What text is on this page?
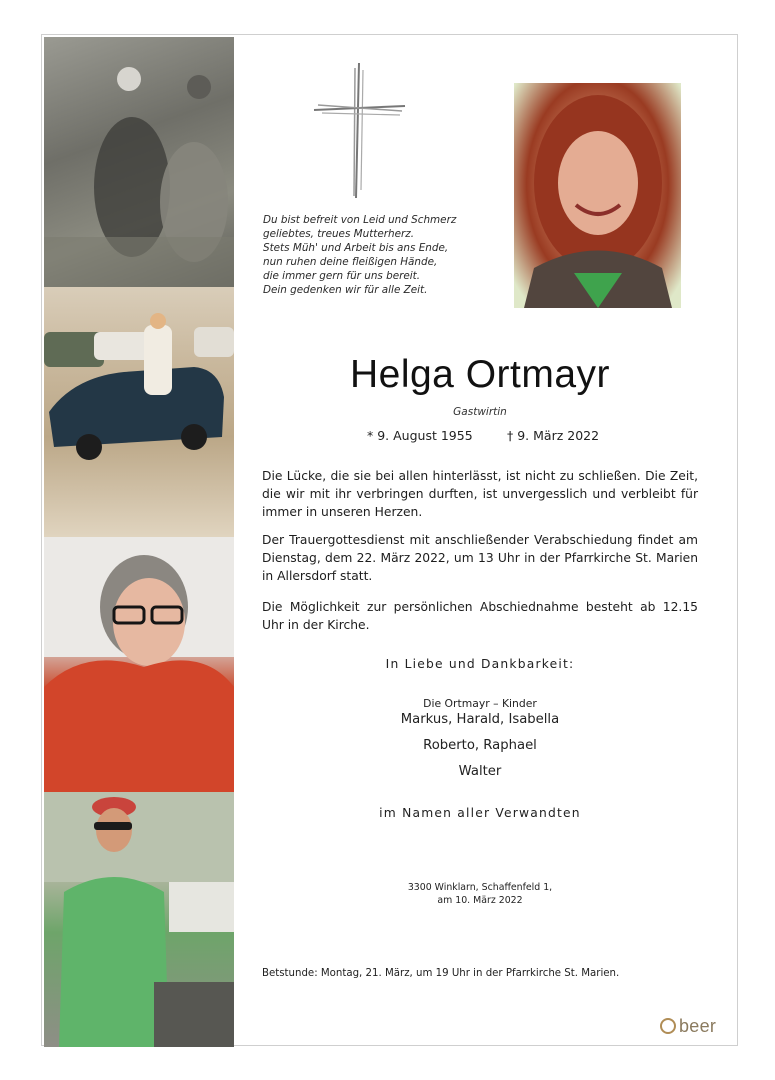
Du bist befreit von Leid und Schmerz
geliebtes, treues Mutterherz.
Stets Müh' und Arbeit bis ans Ende,
nun ruhen deine fleißigen Hände,
die immer gern für uns bereit.
Dein gedenken wir für alle Zeit.
Helga Ortmayr
Gastwirtin
* 9. August 1955	† 9. März 2022
Die Lücke, die sie bei allen hinterlässt, ist nicht zu schließen. Die Zeit, die wir mit ihr verbringen durften, ist unvergesslich und verbleibt für immer in unseren Herzen.
Der Trauergottesdienst mit anschließender Verabschiedung findet am Dienstag, dem 22. März 2022, um 13 Uhr in der Pfarrkirche St. Marien in Allersdorf statt.
Die Möglichkeit zur persönlichen Abschiednahme besteht ab 12.15 Uhr in der Kirche.
In Liebe und Dankbarkeit:
Die Ortmayr – Kinder
Markus, Harald, Isabella
Roberto, Raphael
Walter
im Namen aller Verwandten
3300 Winklarn, Schaffenfeld 1,
am 10. März 2022
Betstunde: Montag, 21. März, um 19 Uhr in der Pfarrkirche St. Marien.
beer
